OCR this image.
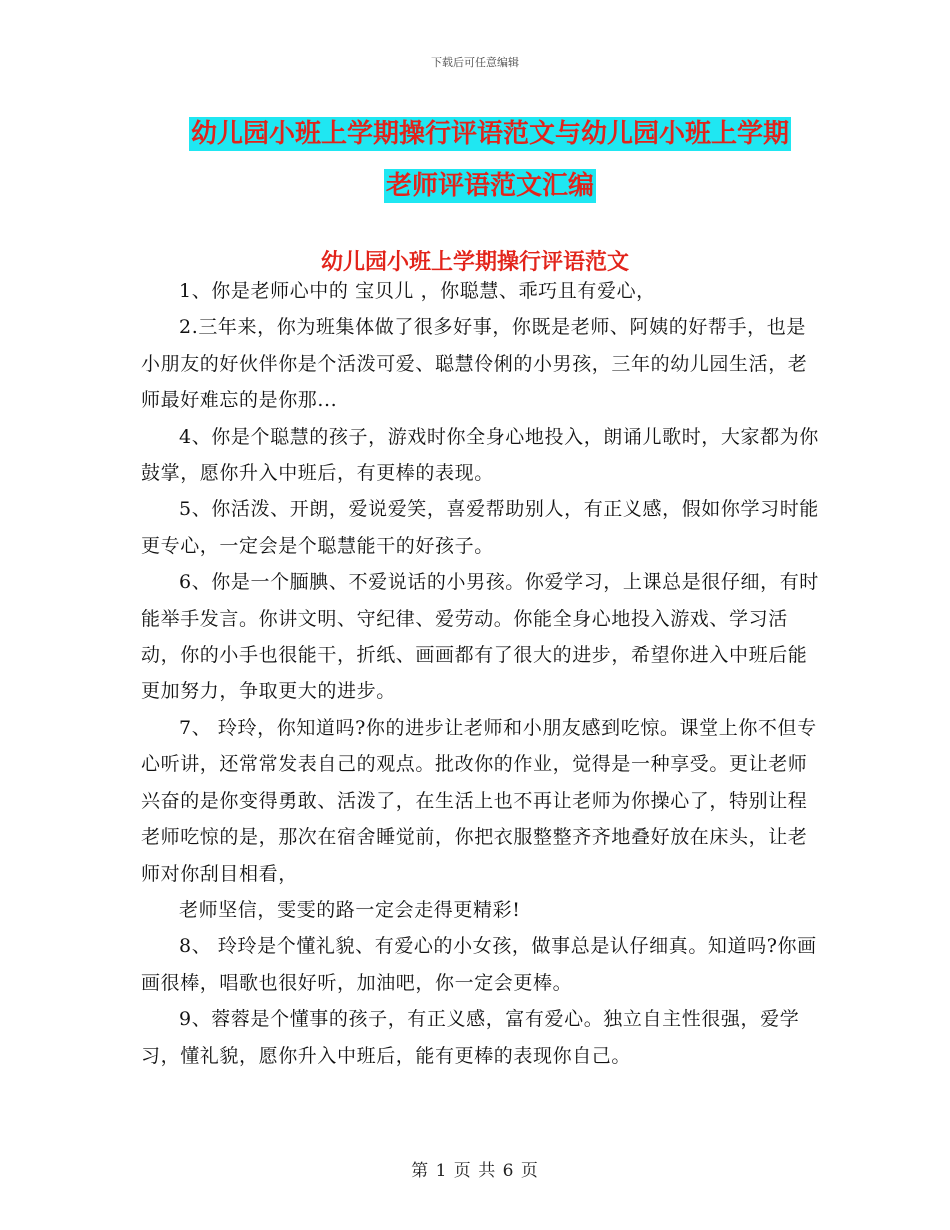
下载后可任意编辑
幼儿园小班上学期操行评语范文与幼儿园小班上学期
老师评语范文汇编
幼儿园小班上学期操行评语范文

1、你是老师心中的 宝贝儿 ，你聪慧、乖巧且有爱心，

2.三年来，你为班集体做了很多好事，你既是老师、阿姨的好帮手，也是小朋友的好伙伴你是个活泼可爱、聪慧伶俐的小男孩，三年的幼儿园生活，老师最好难忘的是你那...

4、你是个聪慧的孩子，游戏时你全身心地投入，朗诵儿歌时，大家都为你鼓掌，愿你升入中班后，有更棒的表现。

5、你活泼、开朗，爱说爱笑，喜爱帮助别人，有正义感，假如你学习时能更专心，一定会是个聪慧能干的好孩子。

6、你是一个腼腆、不爱说话的小男孩。你爱学习，上课总是很仔细，有时能举手发言。你讲文明、守纪律、爱劳动。你能全身心地投入游戏、学习活动，你的小手也很能干，折纸、画画都有了很大的进步，希望你进入中班后能更加努力，争取更大的进步。

7、 玲玲，你知道吗?你的进步让老师和小朋友感到吃惊。课堂上你不但专心听讲，还常常发表自己的观点。批改你的作业，觉得是一种享受。更让老师兴奋的是你变得勇敢、活泼了，在生活上也不再让老师为你操心了，特别让程老师吃惊的是，那次在宿舍睡觉前，你把衣服整整齐齐地叠好放在床头，让老师对你刮目相看，

老师坚信，雯雯的路一定会走得更精彩!

8、 玲玲是个懂礼貌、有爱心的小女孩，做事总是认仔细真。知道吗?你画画很棒，唱歌也很好听，加油吧，你一定会更棒。

9、蓉蓉是个懂事的孩子，有正义感，富有爱心。独立自主性很强，爱学习，懂礼貌，愿你升入中班后，能有更棒的表现你自己。

第 1 页 共 6 页
